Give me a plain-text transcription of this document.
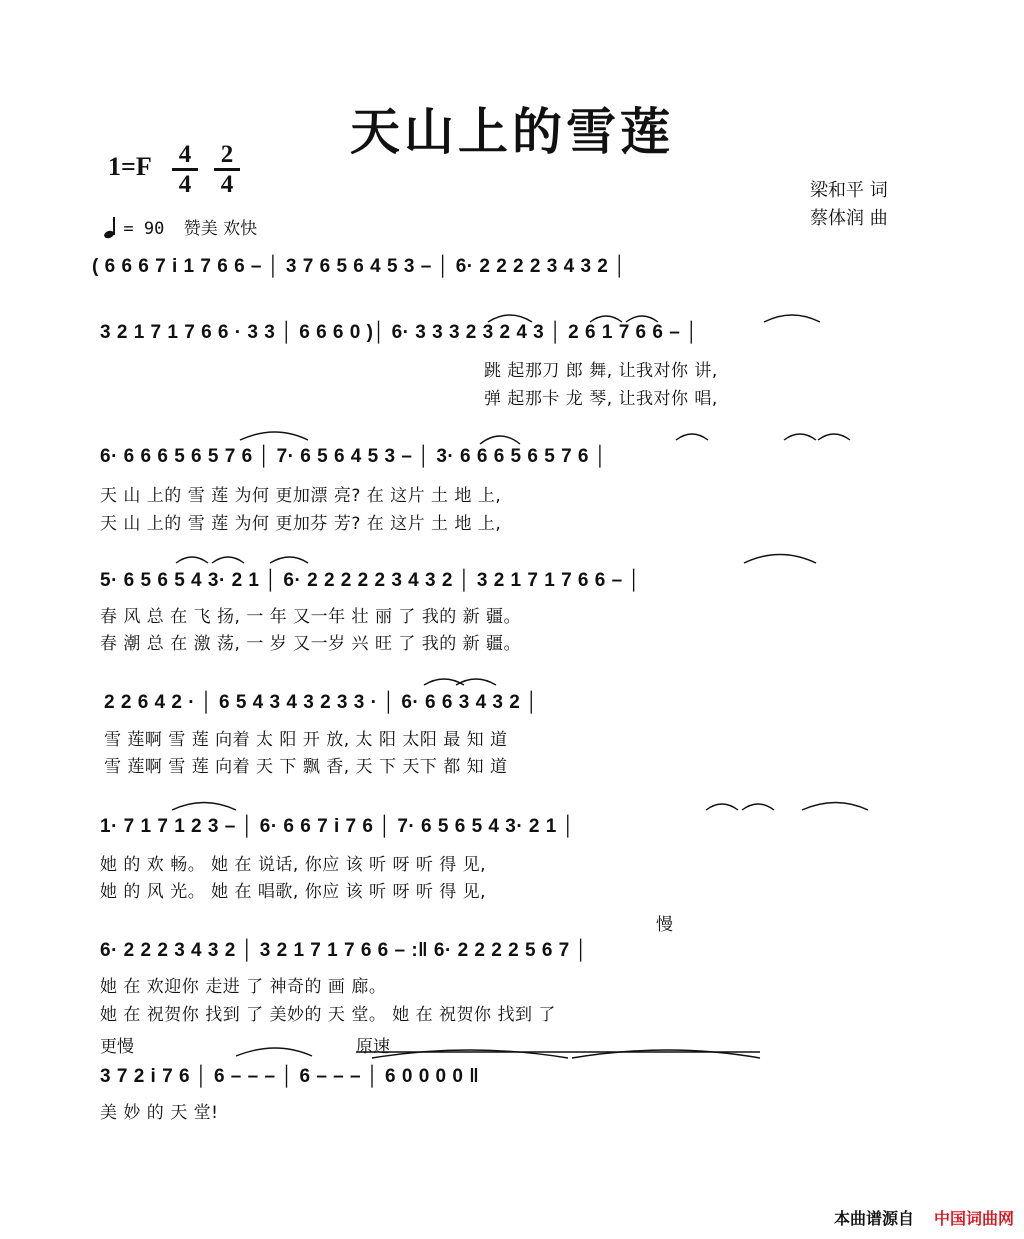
天山上的雪莲
1=F 4
4
2
4	梁和平 词
蔡体润 曲
= 90 赞美 欢快
( 6 6 6 7 i 1 7 6 6 – │ 3 7 6 5 6 4 5 3 – │ 6· 2 2 2 2 3 4 3 2 │
3 2 1 7 1 7 6 6 · 3 3 │ 6 6 6 0 )│ 6· 3 3 3 2 3 2 4 3 │ 2 6 1 7 6 6 – │
跳 起那刀 郎 舞, 让我对你 讲,
弹 起那卡 龙 琴, 让我对你 唱,
6· 6 6 6 5 6 5 7 6 │ 7· 6 5 6 4 5 3 – │ 3· 6 6 6 5 6 5 7 6 │
天 山 上的 雪 莲 为何 更加漂 亮? 在 这片 土 地 上,
天 山 上的 雪 莲 为何 更加芬 芳? 在 这片 土 地 上,
5· 6 5 6 5 4 3· 2 1 │ 6· 2 2 2 2 2 3 4 3 2 │ 3 2 1 7 1 7 6 6 – │
春 风 总 在 飞 扬, 一 年 又一年 壮 丽 了 我的 新 疆。
春 潮 总 在 激 荡, 一 岁 又一岁 兴 旺 了 我的 新 疆。
2 2 6 4 2 · │ 6 5 4 3 4 3 2 3 3 · │ 6· 6 6 3 4 3 2 │
雪 莲啊 雪 莲 向着 太 阳 开 放, 太 阳 太阳 最 知 道
雪 莲啊 雪 莲 向着 天 下 飘 香, 天 下 天下 都 知 道
1· 7 1 7 1 2 3 – │ 6· 6 6 7 i 7 6 │ 7· 6 5 6 5 4 3· 2 1 │
她 的 欢 畅。 她 在 说话, 你应 该 听 呀 听 得 见,
她 的 风 光。 她 在 唱歌, 你应 该 听 呀 听 得 见,
慢
6· 2 2 2 3 4 3 2 │ 3 2 1 7 1 7 6 6 – :‖ 6· 2 2 2 2 5 6 7 │
她 在 欢迎你 走进 了 神奇的 画 廊。
她 在 祝贺你 找到 了 美妙的 天 堂。 她 在 祝贺你 找到 了
更慢	原速
3 7 2 i 7 6 │ 6 – – – │ 6 – – – │ 6 0 0 0 0 ‖
美 妙 的 天 堂!
本曲谱源自 中国词曲网
